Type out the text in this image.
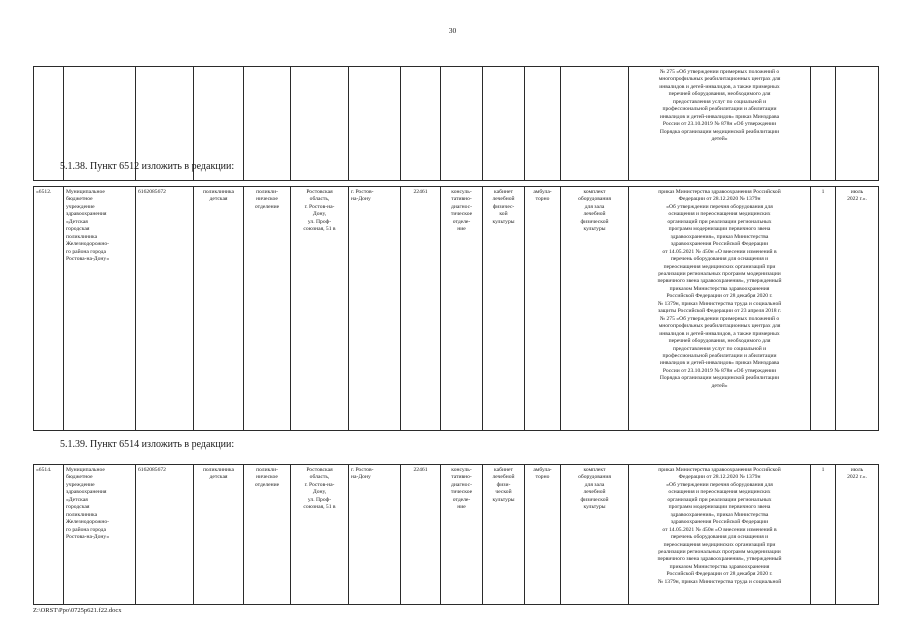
30
												№ 275 «Об утверждении примерных положений о
многопрофильных реабилитационных центрах для
инвалидов и детей-инвалидов, а также примерных
перечней оборудования, необходимого для
предоставления услуг по социальной и
профессиональной реабилитации и абилитации
инвалидов и детей-инвалидов» приказ Минздрава
России от 23.10.2019 № 878н «Об утверждении
Порядка организации медицинской реабилитации
детей»		
5.1.38. Пункт 6512 изложить в редакции:
«6512.	Муниципальное
бюджетное
учреждение
здравоохранения
«Детская
городская
поликлиника
Железнодорожно-
го района города
Ростова-на-Дону»	6162085672	поликлиника
детская	поликли-
ническое
отделение	Ростовская
область,
г. Ростов-на-
Дону,
ул. Проф-
союзная, 51 в	г. Ростов-
на-Дону	22461	консуль-
тативно-
диагнос-
тическое
отделе-
ние	кабинет
лечебной
физичес-
кой
культуры	амбула-
торно	комплект
оборудования
для зала
лечебной
физической
культуры	приказ Министерства здравоохранения Российской
Федерации от 28.12.2020 № 1379н
«Об утверждении перечня оборудования для
оснащения и переоснащения медицинских
организаций при реализации региональных
программ модернизации первичного звена
здравоохранения», приказ Министерства
здравоохранения Российской Федерации
от 14.05.2021 № 450н «О внесении изменений в
перечень оборудования для оснащения и
переоснащения медицинских организаций при
реализации региональных программ модернизации
первичного звена здравоохранения», утвержденный
приказом Министерства здравоохранения
Российской Федерации от 28 декабря 2020 г.
№ 1379н, приказ Министерства труда и социальной
защиты Российской Федерации от 23 апреля 2018 г.
№ 275 «Об утверждении примерных положений о
многопрофильных реабилитационных центрах для
инвалидов и детей-инвалидов, а также примерных
перечней оборудования, необходимого для
предоставления услуг по социальной и
профессиональной реабилитации и абилитации
инвалидов и детей-инвалидов» приказ Минздрава
России от 23.10.2019 № 878н «Об утверждении
Порядка организации медицинской реабилитации
детей»	1	июль
2022 г.».
5.1.39. Пункт 6514 изложить в редакции:
«6514.	Муниципальное
бюджетное
учреждение
здравоохранения
«Детская
городская
поликлиника
Железнодорожно-
го района города
Ростова-на-Дону»	6162085672	поликлиника
детская	поликли-
ническое
отделение	Ростовская
область,
г. Ростов-на-
Дону,
ул. Проф-
союзная, 51 в	г. Ростов-
на-Дону	22461	консуль-
тативно-
диагнос-
тическое
отделе-
ние	кабинет
лечебной
физи-
ческой
культуры	амбула-
торно	комплект
оборудования
для зала
лечебной
физической
культуры	приказ Министерства здравоохранения Российской
Федерации от 28.12.2020 № 1379н
«Об утверждении перечня оборудования для
оснащения и переоснащения медицинских
организаций при реализации региональных
программ модернизации первичного звена
здравоохранения», приказ Министерства
здравоохранения Российской Федерации
от 14.05.2021 № 450н «О внесении изменений в
перечень оборудования для оснащения и
переоснащения медицинских организаций при
реализации региональных программ модернизации
первичного звена здравоохранения», утвержденный
приказом Министерства здравоохранения
Российской Федерации от 28 декабря 2020 г.
№ 1379н, приказ Министерства труда и социальной	1	июль
2022 г.».
Z:\ORST\Ppo\0725p621.f22.docx
